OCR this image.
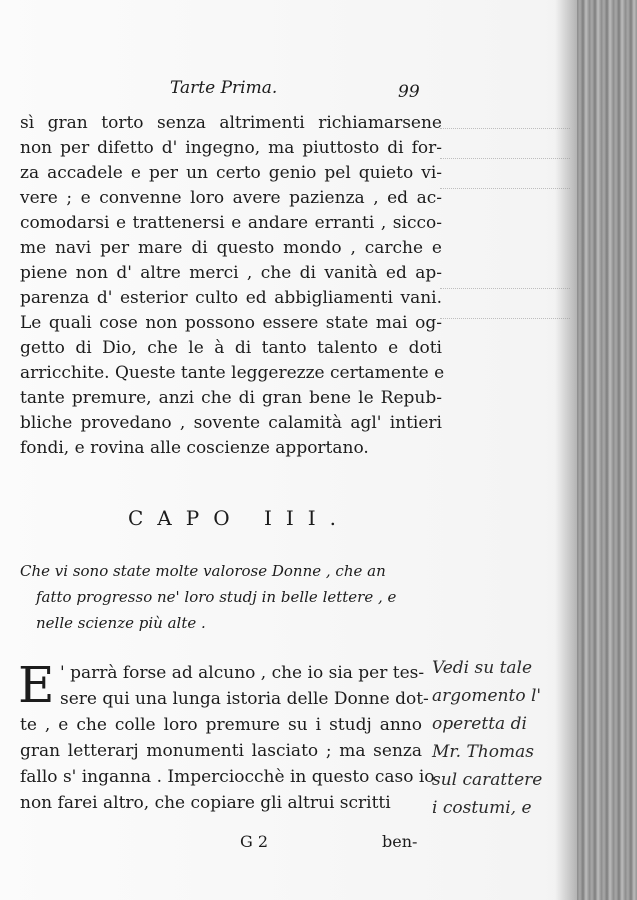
Tarte Prima.	99
sì gran torto senza altrimenti richiamarsene
non per difetto d' ingegno, ma piuttosto di for-
za accadele e per un certo genio pel quieto vi-
vere ; e convenne loro avere pazienza , ed ac-
comodarsi e trattenersi e andare erranti , sicco-
me navi per mare di questo mondo , carche e
piene non d' altre merci , che di vanità ed ap-
parenza d' esterior culto ed abbigliamenti vani.
Le quali cose non possono essere state mai og-
getto di Dio, che le à di tanto talento e doti
arricchite. Queste tante leggerezze certamente e
tante premure, anzi che di gran bene le Repub-
bliche provedano , sovente calamità agl' intieri
fondi, e rovina alle coscienze apportano.
CAPO III.
Che vi sono state molte valorose Donne , che an
fatto progresso ne' loro studj in belle lettere , e
nelle scienze più alte .
E ' parrà forse ad alcuno , che io sia per tes-
sere qui una lunga istoria delle Donne dot-
te , e che colle loro premure su i studj anno
gran letterarj monumenti lasciato ; ma senza
fallo s' inganna . Imperciocchè in questo caso io
non farei altro, che copiare gli altrui scritti
G 2	ben-
Vedi su tale
argomento l'
operetta di
Mr. Thomas
sul carattere
i costumi, e
